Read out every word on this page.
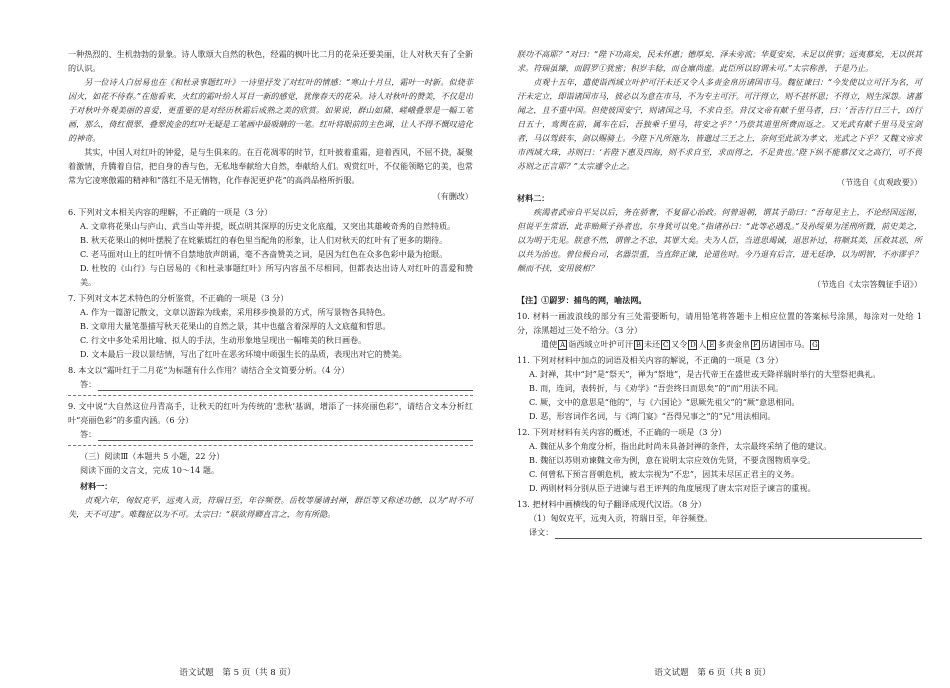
一种热烈的、生机勃勃的景象。诗人歌颂大自然的秋色，经霜的枫叶比二月的花朵还要美丽，让人对秋天有了全新的认识。

另一位诗人白居易也在《和杜录事题红叶》一诗里抒发了对红叶的情感：“寒山十月旦，霜叶一时新。似烧非因火，如花不待春。”在他看来，火红的霜叶给人耳目一新的感觉，犹像春天的花朵。诗人对秋叶的赞美，不仅是出于对秋叶外观美丽的喜爱，更重要的是对经历秋霜后成熟之美的欣赏。如果说，群山如黛、嵯峨叠翠是一幅工笔画，那么，倚红偎翠、叠翠流金的红叶无疑是工笔画中最吸睛的一笔。红叶将眼前的主色调，让人不得不慨叹造化的神奇。

其实，中国人对红叶的钟爱，是与生俱来的。在百花凋零的时节，红叶披着重霜，迎着西风，不屈不挠，凝聚着激情，升腾着自信，把自身的香与色，无私地奉献给大自然，奉献给人们。观赏红叶，不仅能领略它的美，也常常为它凌寒傲霜的精神和“落红不是无情物，化作春泥更护花”的高尚品格所折服。

（有删改）

6. 下列对文本相关内容的理解，不正确的一项是（3 分）

A. 文章将花果山与庐山、武当山等并提，既点明其深厚的历史文化底蕴，又突出其雄峻奇秀的自然特质。

B. 秋天花果山的树叶摆脱了在姹紫嫣红的春色里当配角的形象，让人们对秋天的红叶有了更多的期待。

C. 老马面对山上的红叶情不自禁地放声朗诵，毫不吝啬赞美之词，是因为红色在众多色彩中最为抢眼。

D. 杜牧的《山行》与白居易的《和杜录事题红叶》所写内容虽不尽相同，但都表达出诗人对红叶的喜爱和赞美。

7. 下列对文本艺术特色的分析鉴赏，不正确的一项是（3 分）

A. 作为一篇游记散文，文章以游踪为线索，采用移步换景的方式，所写景物各具特色。

B. 文章用大量笔墨描写秋天花果山的自然之景，其中也蕴含着深厚的人文底蕴和哲思。

C. 行文中多处采用比喻、拟人的手法，生动形象地呈现出一幅唯美的秋日画卷。

D. 文本最后一段以景结情，写出了红叶在恶劣环境中顽强生长的品质，表现出对它的赞美。

8. 本文以“霜叶红于二月花”为标题有什么作用？请结合全文简要分析。（4 分）

答：

9. 文中说“大自然这位丹青高手，让秋天的红叶为传统的‘悲秋’基调，增添了一抹亮丽色彩”，请结合文本分析红叶“亮丽色彩”的多重内涵。（6 分）

答：

（三）阅读Ⅲ（本题共 5 小题，22 分）

阅读下面的文言文，完成 10～14 题。

材料一：

贞观六年，匈奴克平，远夷入贡，符瑞日至，年谷频登。岳牧等屡请封禅，群臣等又称述功德，以为“时不可失，天不可违”。唯魏征以为不可。太宗曰：“联欲得卿直言之，勿有所隐。

语文试题　第 5 页（共 8 页）

朕功不高耶？”对曰：“陛下功高矣，民未怀惠；德厚矣，泽未旁流；华夏安矣，未足以供事；远夷慕矣，无以供其求。符瑞虽臻，而罻罗①犹密；积岁丰稔，而仓廪尚虚。此臣所以窃谓未可。”太宗称善，于是乃止。

贞观十五年，遣使诣西域立叶护可汗未还又令人多责金帛历诸国市马。魏征谏曰：“今发使以立可汗为名，可汗未定立，即诣诸国市马，彼必以为意在市马，不为专主可汗。可汗得立，则不甚怀恩；不得立，则生深怨。诸蕃闻之，且不重中国。但使彼国安宁，则诸国之马，不求自至。昔汉文帝有献千里马者，曰：‘吾吉行日三十，凶行日五十，鸾舆在前，属车在后，吾独乘千里马，将安之乎？’乃偿其道里所费而返之。又光武有献千里马及宝剑者，马以驾鼓车，剑以赐骑士。今陛下凡所施为，皆邈过三王之上，奈何至此欲为孝文、光武之下乎？又魏文帝求市西域大珠，苏则曰：‘若陛下惠及四海，则不求自至，求而得之，不足贵也。’陛下纵不能慕汉文之高行，可不畏苏则之正言耶？”太宗遽令止之。

（节选自《贞观政要》）

材料二：

疾渴者武帝自平吴以后，务在骄奢，不复留心治政。何曾退朝，谓其子劭曰：“吾每见主上，不论经国远图，但说平生常语，此非贻厥子孙者也，尔身犹可以免。”指诸孙曰：“此等必遇乱。”及孙绥果为淫刑所戮，前史美之，以为明于先见。朕意不然，谓曾之不忠，其罪大矣。夫为人臣，当进思竭诚，退思补过，将顺其美，匡救其恶，所以共为治也。曾位极台司，名器崇重，当直辞正谏，论道佐时。今乃退有后言，进无廷诤，以为明智，不亦谬乎？颠而不扶，安用彼相？

（节选自《太宗答魏征手诏》）

【注】①罻罗：捕鸟的网，喻法网。

10. 材料一画波浪线的部分有三处需要断句，请用铅笔将答题卡上相应位置的答案标号涂黑，每涂对一处给 1 分，涂黑超过三处不给分。（3 分）

遣使 A 诣西域立叶护可汗 B 未还 C 又令 D 人 E 多责金帛 F 历诸国市马。 G

11. 下列对材料中加点的词语及相关内容的解说，不正确的一项是（3 分）

A. 封禅，其中“封”是“祭天”，禅为“祭地”，是古代帝王在盛世或天降祥瑞时举行的大型祭祀典礼。

B. 而，连词，表转折，与《劝学》“吾尝终日而思矣”的“而”用法不同。

C. 厥，文中的意思是“他的”，与《六国论》“思厥先祖父”的“厥”意思相同。

D. 恶，形容词作名词，与《鸿门宴》“吾得兄事之”的“兄”用法相同。

12. 下列对材料有关内容的概述，不正确的一项是（3 分）

A. 魏征从多个角度分析，指出此时尚未具备封禅的条件，太宗最终采纳了他的建议。

B. 魏征以苏则劝谏魏文帝为例，意在说明太宗应效仿先贤，不要贪图物质享受。

C. 何曾私下预言晋朝危机，被太宗视为“不忠”，因其未尽匡正君主的义务。

D. 两则材料分别从臣子进谏与君王评判的角度展现了唐太宗对臣子谏言的重视。

13. 把材料中画横线的句子翻译成现代汉语。（8 分）

（1）匈奴克平，远夷入贡，符瑞日至，年谷频登。

译文：
语文试题　第 6 页（共 8 页）
